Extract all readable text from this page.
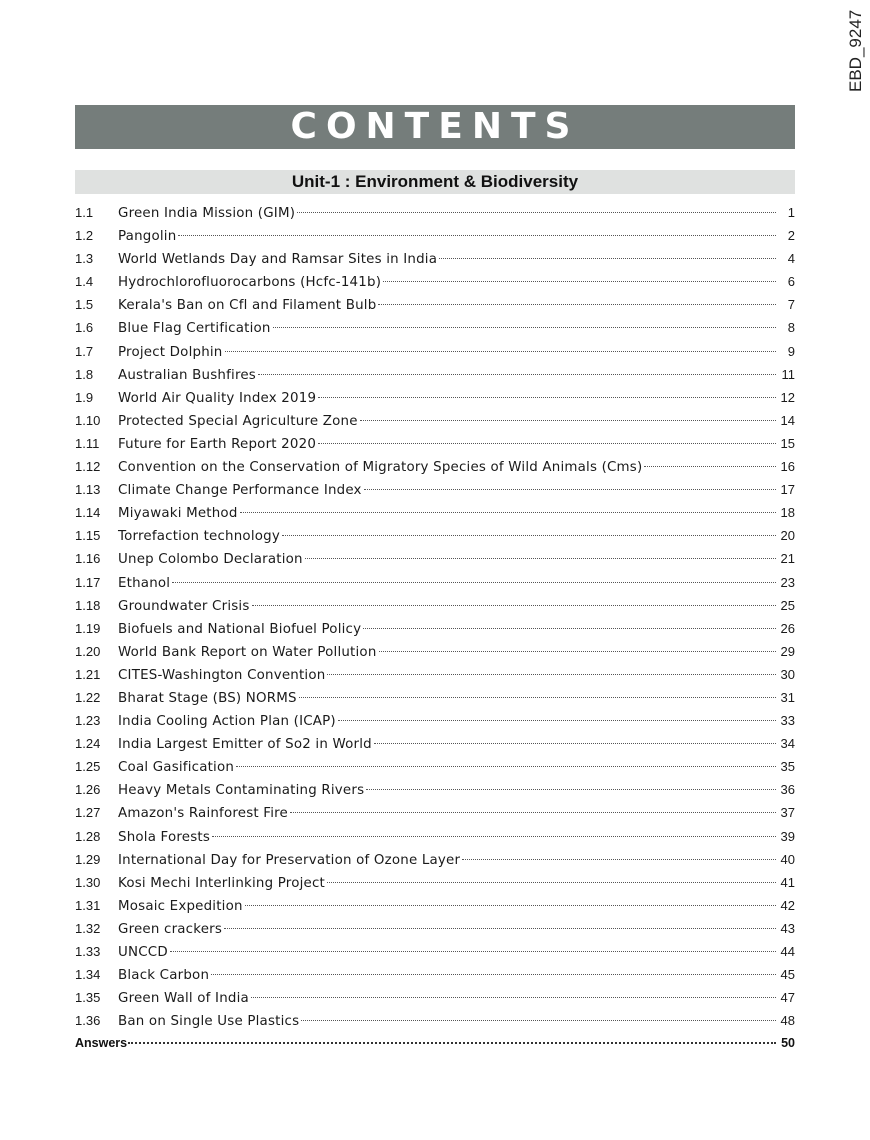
EBD_9247
CONTENTS
Unit-1 : Environment & Biodiversity
1.1	Green India Mission (GIM)	1
1.2	Pangolin	2
1.3	World Wetlands Day and Ramsar Sites in India	4
1.4	Hydrochlorofluorocarbons (Hcfc-141b)	6
1.5	Kerala's Ban on Cfl and Filament Bulb	7
1.6	Blue Flag Certification	8
1.7	Project Dolphin	9
1.8	Australian Bushfires	11
1.9	World Air Quality Index 2019	12
1.10	Protected Special Agriculture Zone	14
1.11	Future for Earth Report 2020	15
1.12	Convention on the Conservation of Migratory Species of Wild Animals (Cms)	16
1.13	Climate Change Performance Index	17
1.14	Miyawaki Method	18
1.15	Torrefaction technology	20
1.16	Unep Colombo Declaration	21
1.17	Ethanol	23
1.18	Groundwater Crisis	25
1.19	Biofuels and National Biofuel Policy	26
1.20	World Bank Report on Water Pollution	29
1.21	CITES-Washington Convention	30
1.22	Bharat Stage (BS) NORMS	31
1.23	India Cooling Action Plan (ICAP)	33
1.24	India Largest Emitter of So2 in World	34
1.25	Coal Gasification	35
1.26	Heavy Metals Contaminating Rivers	36
1.27	Amazon's Rainforest Fire	37
1.28	Shola Forests	39
1.29	International Day for Preservation of Ozone Layer	40
1.30	Kosi Mechi Interlinking Project	41
1.31	Mosaic Expedition	42
1.32	Green crackers	43
1.33	UNCCD	44
1.34	Black Carbon	45
1.35	Green Wall of India	47
1.36	Ban on Single Use Plastics	48
Answers	50
